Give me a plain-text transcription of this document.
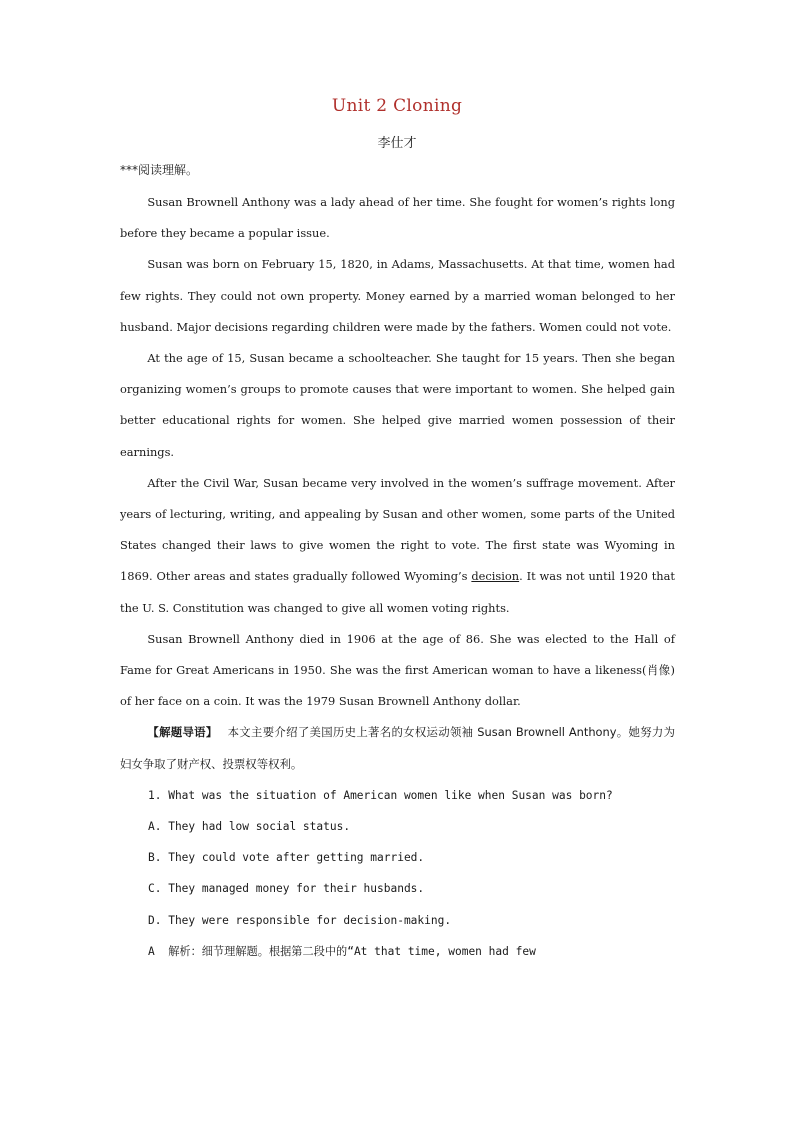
Unit 2 Cloning
李仕才
***阅读理解。

Susan Brownell Anthony was a lady ahead of her time. She fought for women’s rights long before they became a popular issue.

Susan was born on February 15, 1820, in Adams, Massachusetts. At that time, women had few rights. They could not own property. Money earned by a married woman belonged to her husband. Major decisions regarding children were made by the fathers. Women could not vote.

At the age of 15, Susan became a schoolteacher. She taught for 15 years. Then she began organizing women’s groups to promote causes that were important to women. She helped gain better educational rights for women. She helped give married women possession of their earnings.

After the Civil War, Susan became very involved in the women’s suffrage movement. After years of lecturing, writing, and appealing by Susan and other women, some parts of the United States changed their laws to give women the right to vote. The first state was Wyoming in 1869. Other areas and states gradually followed Wyoming’s decision. It was not until 1920 that the U. S. Constitution was changed to give all women voting rights.

Susan Brownell Anthony died in 1906 at the age of 86. She was elected to the Hall of Fame for Great Americans in 1950. She was the first American woman to have a likeness(肖像) of her face on a coin. It was the 1979 Susan Brownell Anthony dollar.

【解题导语】 本文主要介绍了美国历史上著名的女权运动领袖 Susan Brownell Anthony。她努力为妇女争取了财产权、投票权等权利。

1. What was the situation of American women like when Susan was born?
A. They had low social status.
B. They could vote after getting married.
C. They managed money for their husbands.
D. They were responsible for decision-making.
A  解析：细节理解题。根据第二段中的“At that time, women had few
